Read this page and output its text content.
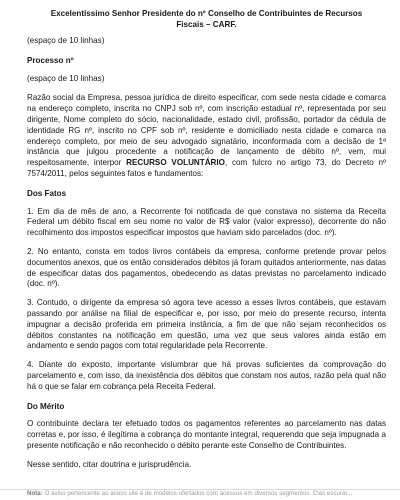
Excelentíssimo Senhor Presidente do nº Conselho de Contribuintes de Recursos Fiscais – CARF.

(espaço de 10 linhas)

Processo nº

(espaço de 10 linhas)

Razão social da Empresa, pessoa jurídica de direito especificar, com sede nesta cidade e comarca na endereço completo, inscrita no CNPJ sob nº, com inscrição estadual nº, representada por seu dirigente, Nome completo do sócio, nacionalidade, estado civil, profissão, portador da cédula de identidade RG nº, inscrito no CPF sob nº, residente e domiciliado nesta cidade e comarca na endereço completo, por meio de seu advogado signatário, inconformada com a decisão de 1ª instância que julgou procedente a notificação de lançamento de débito nº, vem, mui respeitosamente, interpor RECURSO VOLUNTÁRIO, com fulcro no artigo 73, do Decreto nº 7574/2011, pelos seguintes fatos e fundamentos:

Dos Fatos

1. Em dia de mês de ano, a Recorrente foi notificada de que constava no sistema da Receita Federal um débito fiscal em seu nome no valor de R$ valor (valor expresso), decorrente do não recolhimento dos impostos especificar impostos que haviam sido parcelados (doc. nº).

2. No entanto, consta em todos livros contábeis da empresa, conforme pretende provar pelos documentos anexos, que os então considerados débitos já foram quitados anteriormente, nas datas de especificar datas dos pagamentos, obedecendo as datas previstas no parcelamento indicado (doc. nº).

3. Contudo, o dirigente da empresa só agora teve acesso a esses livros contábeis, que estavam passando por análise na filial de especificar e, por isso, por meio do presente recurso, intenta impugnar a decisão proferida em primeira instância, a fim de que não sejam reconhecidos os débitos constantes na notificação em questão, uma vez que seus valores ainda estão em andamento e sendo pagos com total regularidade pela Recorrente.

4. Diante do exposto, importante vislumbrar que há provas suficientes da comprovação do parcelamento e, com isso, da inexistência dos débitos que constam nos autos, razão pela qual não há o que se falar em cobrança pela Receita Federal.

Do Mérito

O contribuinte declara ter efetuado todos os pagamentos referentes ao parcelamento nas datas corretas e, por isso, é ilegítima a cobrança do montante integral, requerendo que seja impugnada a presente notificação e não reconhecido o débito perante este Conselho de Contribuintes.

Nesse sentido, citar doutrina e jurisprudência.

Nota: O aviso pertencente ao aceso site é de modelos ofertados com acessos em diversos segmentos. Clas escurar...
